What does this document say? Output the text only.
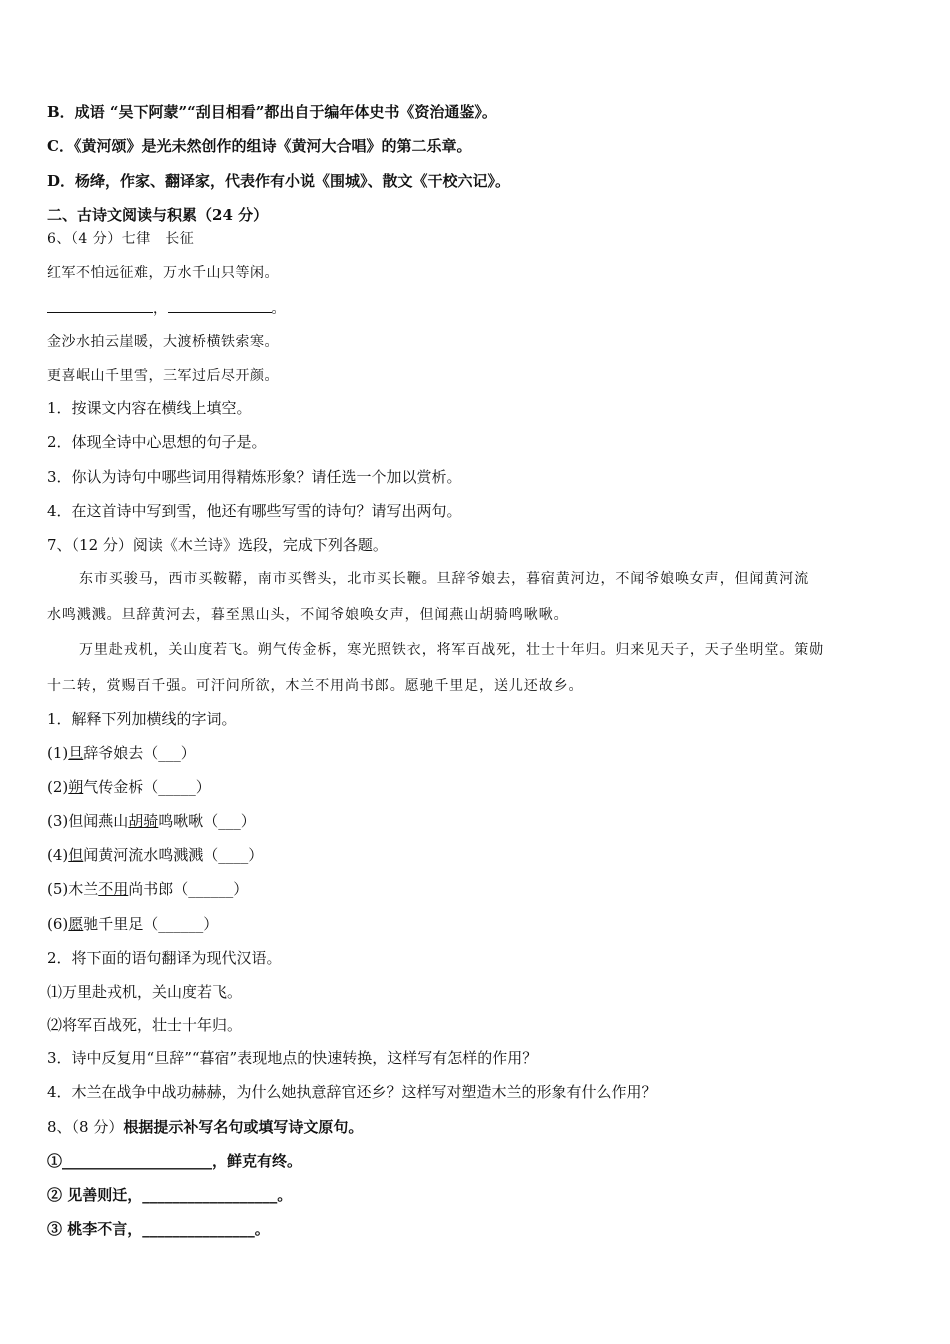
B．成语 “吴下阿蒙”“刮目相看”都出自于编年体史书《资治通鉴》。
C．《黄河颂》是光未然创作的组诗《黄河大合唱》的第二乐章。
D．杨绛，作家、翻译家，代表作有小说《围城》、散文《干校六记》。
二、古诗文阅读与积累（24 分）
6、（4 分）七律　长征
红军不怕远征难，万水千山只等闲。
，	。
金沙水拍云崖暖，大渡桥横铁索寒。
更喜岷山千里雪，三军过后尽开颜。
1．按课文内容在横线上填空。
2．体现全诗中心思想的句子是。
3．你认为诗句中哪些词用得精炼形象？请任选一个加以赏析。
4．在这首诗中写到雪，他还有哪些写雪的诗句？请写出两句。
7、（12 分）阅读《木兰诗》选段，完成下列各题。
东市买骏马，西市买鞍鞯，南市买辔头，北市买长鞭。旦辞爷娘去，暮宿黄河边，不闻爷娘唤女声，但闻黄河流
水鸣溅溅。旦辞黄河去，暮至黑山头，不闻爷娘唤女声，但闻燕山胡骑鸣啾啾。
万里赴戎机，关山度若飞。朔气传金柝，寒光照铁衣，将军百战死，壮士十年归。归来见天子，天子坐明堂。策勋
十二转，赏赐百千强。可汗问所欲，木兰不用尚书郎。愿驰千里足，送儿还故乡。
1．解释下列加横线的字词。
(1)旦辞爷娘去（___）
(2)朔气传金柝（_____）
(3)但闻燕山胡骑鸣啾啾（___）
(4)但闻黄河流水鸣溅溅（____）
(5)木兰不用尚书郎（______）
(6)愿驰千里足（______）
2．将下面的语句翻译为现代汉语。
⑴万里赴戎机，关山度若飞。
⑵将军百战死，壮士十年归。
3．诗中反复用“旦辞”“暮宿”表现地点的快速转换，这样写有怎样的作用？
4．木兰在战争中战功赫赫，为什么她执意辞官还乡？这样写对塑造木兰的形象有什么作用？
8、（8 分）根据提示补写名句或填写诗文原句。
①____________________，鲜克有终。
② 见善则迁，__________________。
③ 桃李不言，_______________。
